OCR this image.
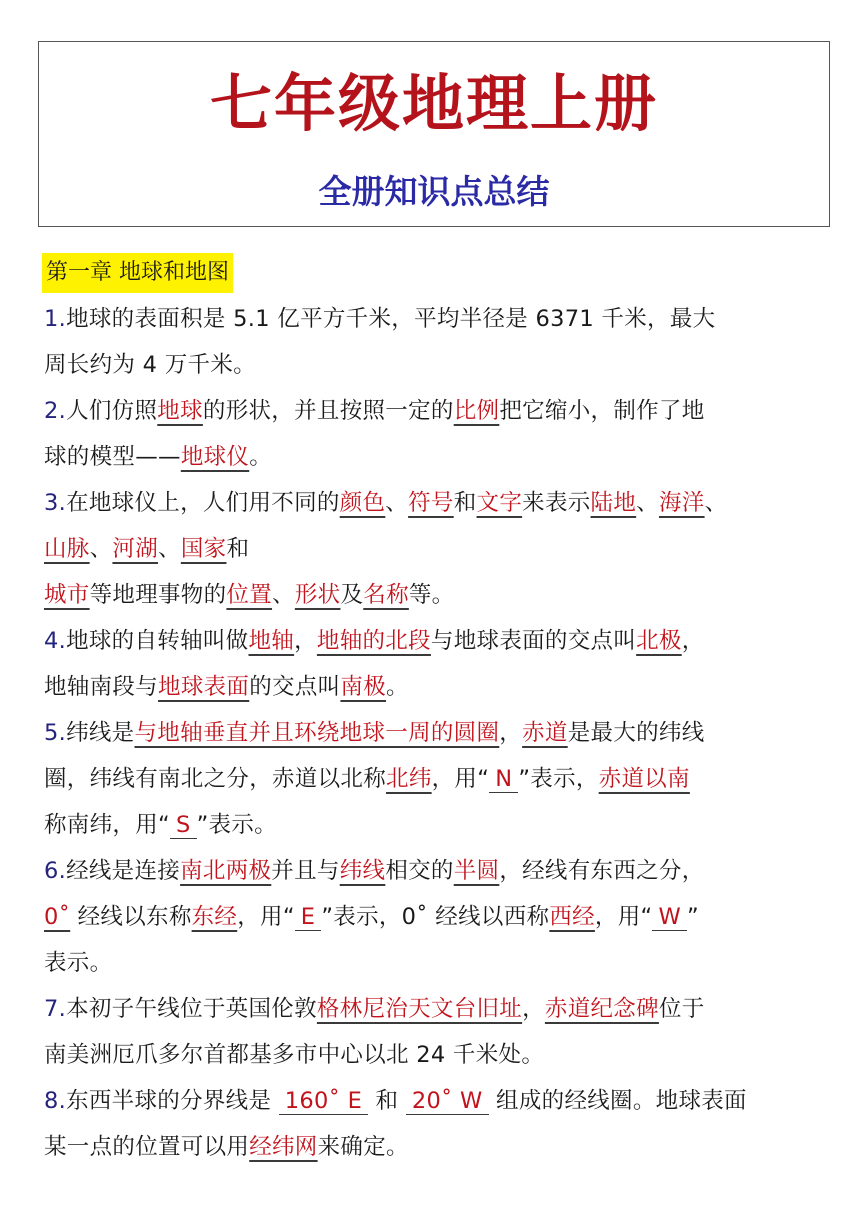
七年级地理上册
全册知识点总结
第一章 地球和地图
1.地球的表面积是 5.1 亿平方千米，平均半径是 6371 千米，最大
周长约为 4 万千米。
2.人们仿照地球的形状，并且按照一定的比例把它缩小，制作了地
球的模型——地球仪。
3.在地球仪上，人们用不同的颜色、符号和文字来表示陆地、海洋、
山脉、河湖、国家和
城市等地理事物的位置、形状及名称等。
4.地球的自转轴叫做地轴，地轴的北段与地球表面的交点叫北极，
地轴南段与地球表面的交点叫南极。
5.纬线是与地轴垂直并且环绕地球一周的圆圈，赤道是最大的纬线
圈，纬线有南北之分，赤道以北称北纬，用“ N ”表示，赤道以南
称南纬，用“ S ”表示。
6.经线是连接南北两极并且与纬线相交的半圆，经线有东西之分，
0˚ 经线以东称东经，用“ E ”表示，0˚ 经线以西称西经，用“ W ”
表示。
7.本初子午线位于英国伦敦格林尼治天文台旧址，赤道纪念碑位于
南美洲厄爪多尔首都基多市中心以北 24 千米处。
8.东西半球的分界线是 160˚ E 和 20˚ W 组成的经线圈。地球表面
某一点的位置可以用经纬网来确定。
